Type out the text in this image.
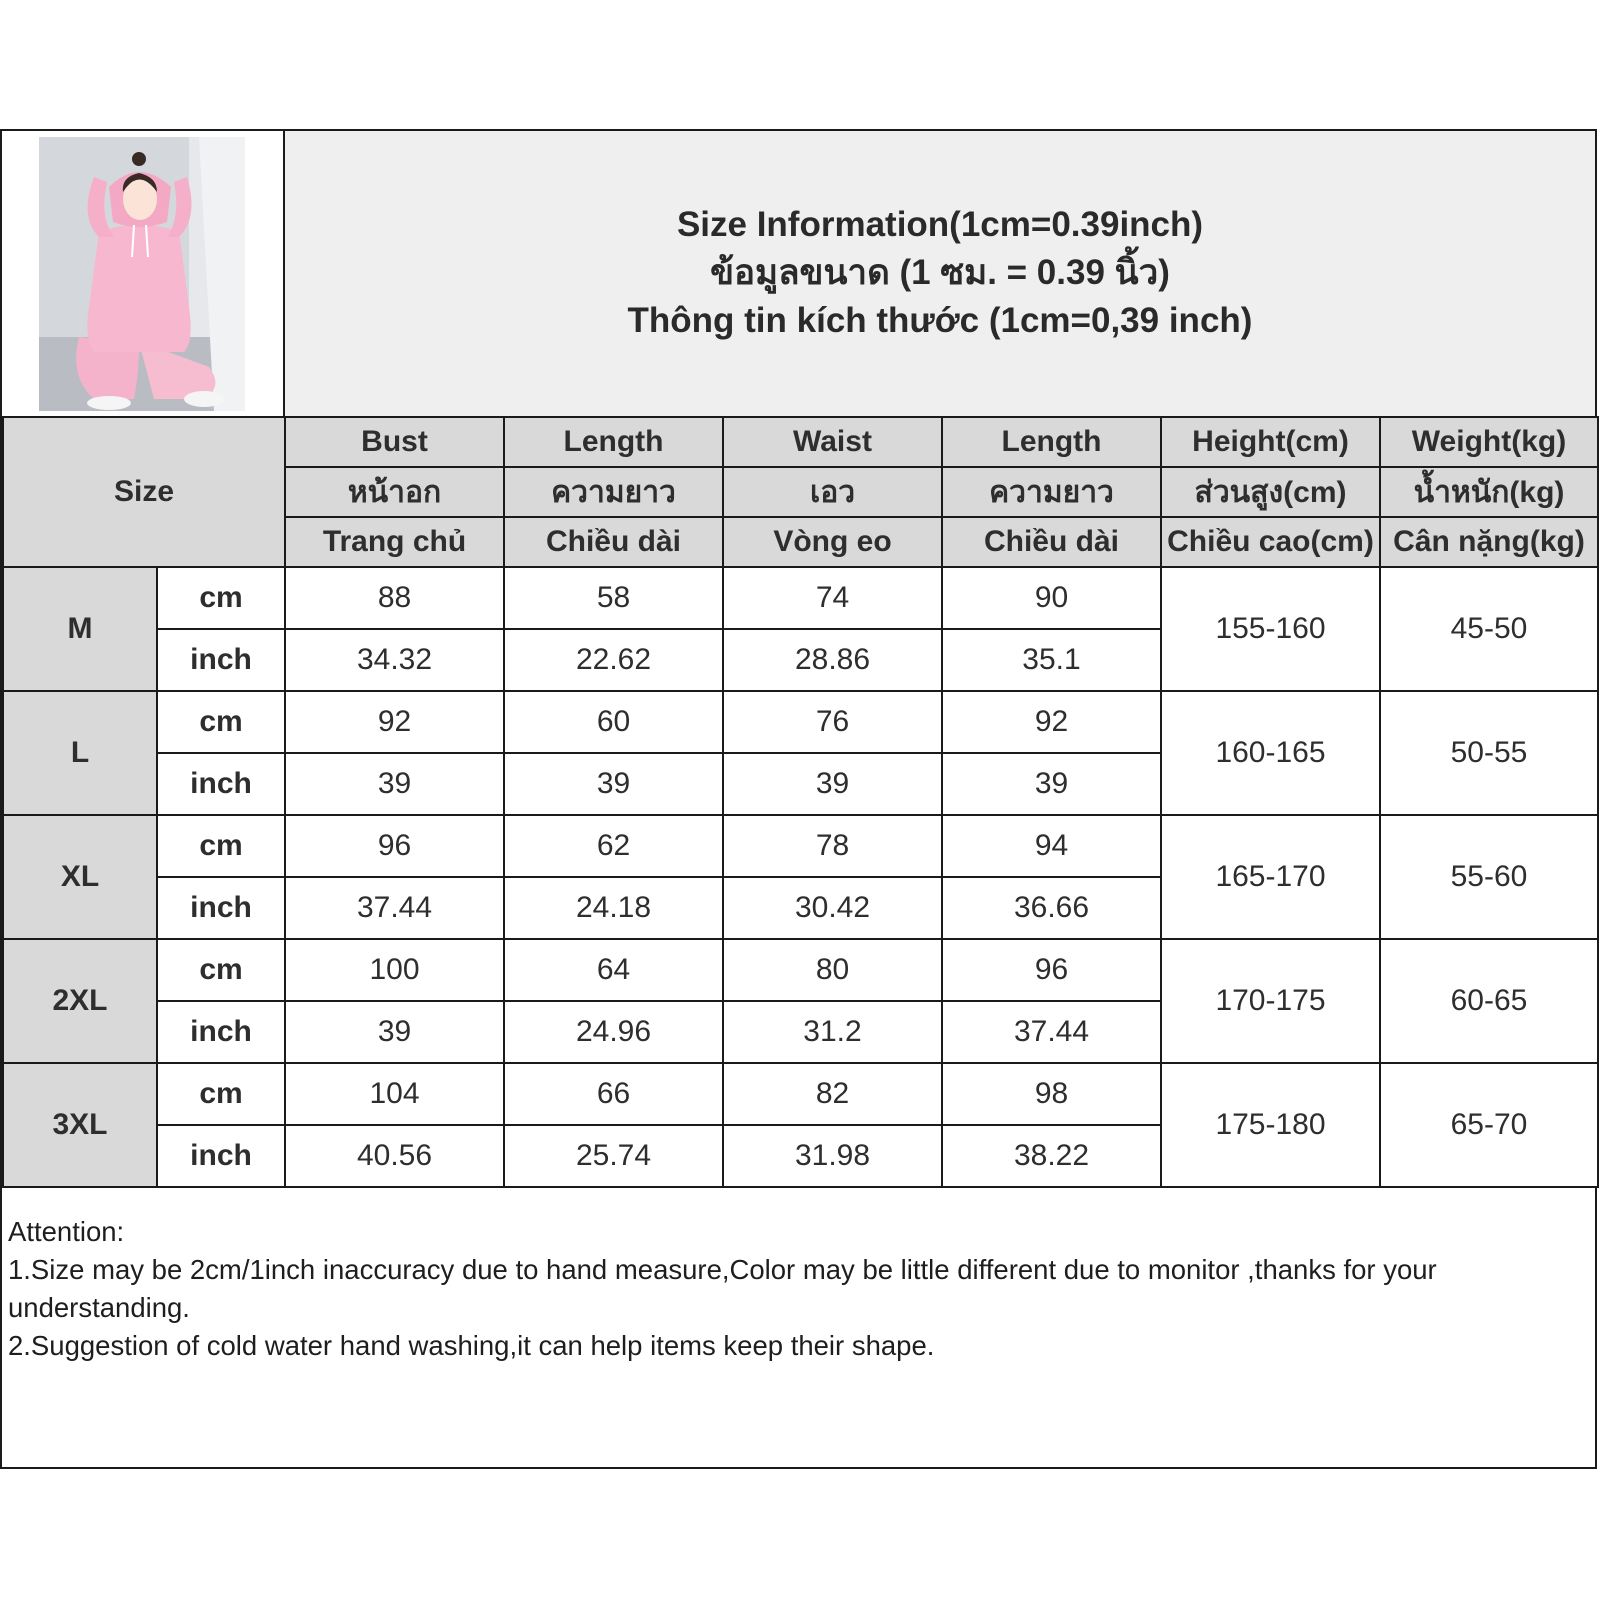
Size Information(1cm=0.39inch)
ข้อมูลขนาด (1 ซม. = 0.39 นิ้ว)
Thông tin kích thước (1cm=0,39 inch)
Size		Bust	Length	Waist	Length	Height(cm)	Weight(kg)
		หน้าอก	ความยาว	เอว	ความยาว	ส่วนสูง(cm)	น้ำหนัก(kg)
		Trang chủ	Chiều dài	Vòng eo	Chiều dài	Chiều cao(cm)	Cân nặng(kg)
M	cm	88	58	74	90	155-160	45-50
	inch	34.32	22.62	28.86	35.1		
L	cm	92	60	76	92	160-165	50-55
	inch	39	39	39	39		
XL	cm	96	62	78	94	165-170	55-60
	inch	37.44	24.18	30.42	36.66		
2XL	cm	100	64	80	96	170-175	60-65
	inch	39	24.96	31.2	37.44		
3XL	cm	104	66	82	98	175-180	65-70
	inch	40.56	25.74	31.98	38.22		
Attention:
1.Size may be 2cm/1inch inaccuracy due to hand measure,Color may be little different due to monitor ,thanks for your understanding.
2.Suggestion of cold water hand washing,it can help items keep their shape.
